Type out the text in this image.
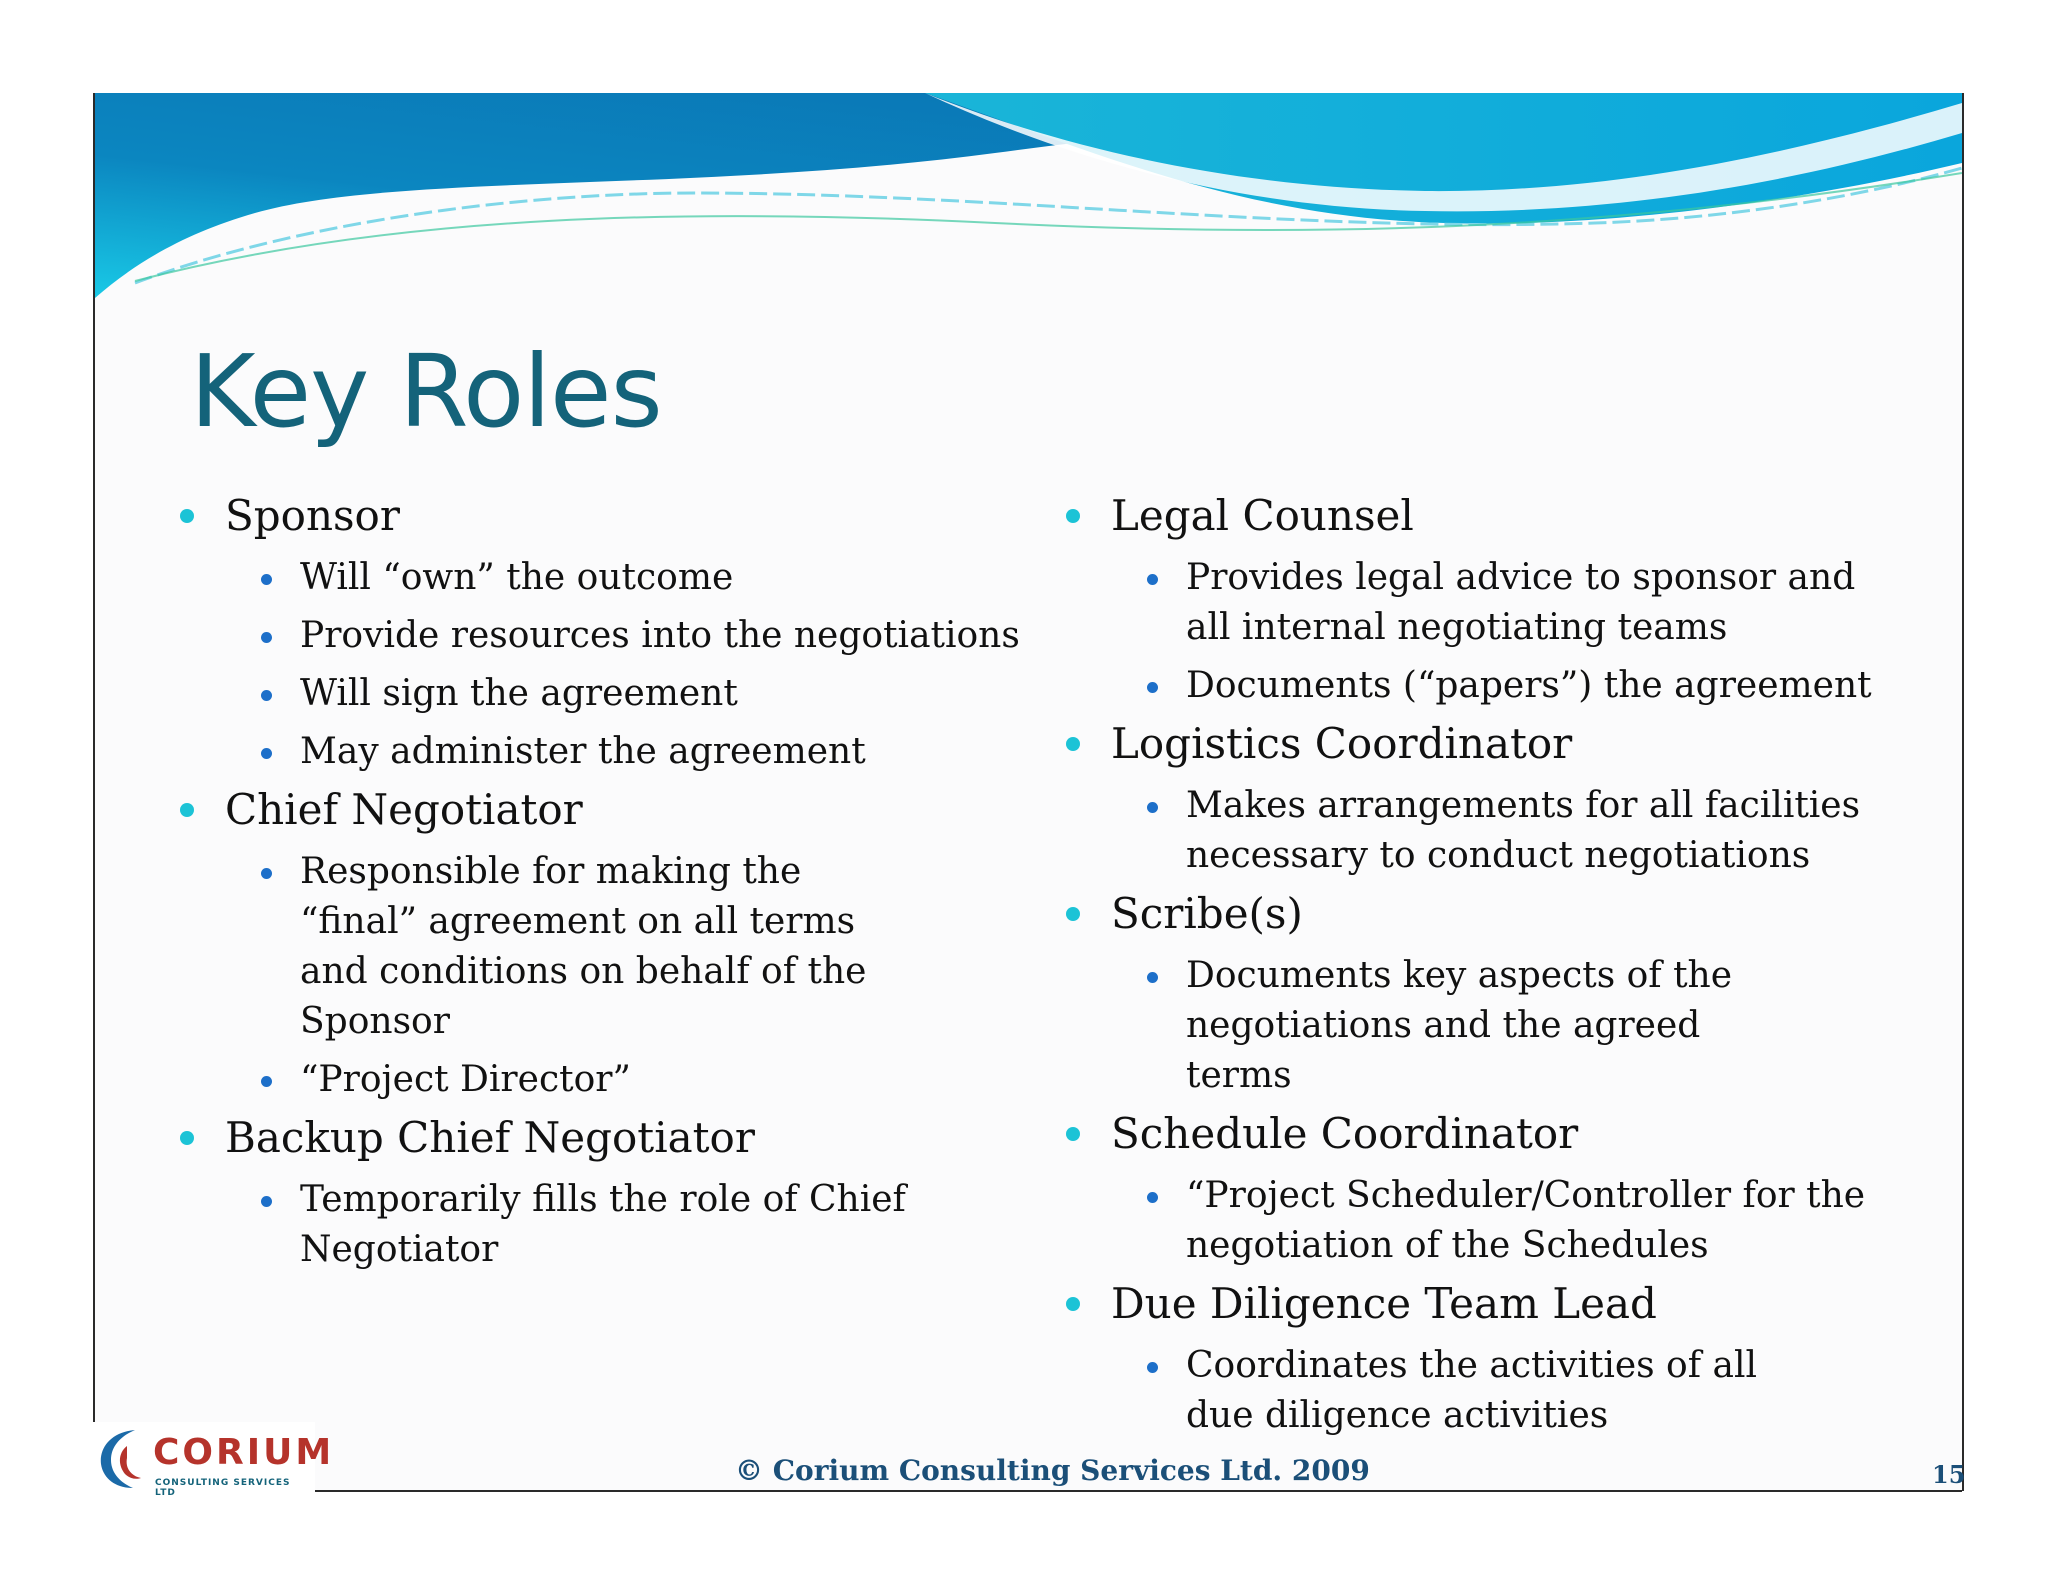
Key Roles
Sponsor
Will “own” the outcome
Provide resources into the negotiations
Will sign the agreement
May administer the agreement
Chief Negotiator
Responsible for making the “final” agreement on all terms and conditions on behalf of the Sponsor
“Project Director”
Backup Chief Negotiator
Temporarily fills the role of Chief Negotiator
Legal Counsel
Provides legal advice to sponsor and all internal negotiating teams
Documents (“papers”) the agreement
Logistics Coordinator
Makes arrangements for all facilities necessary to conduct negotiations
Scribe(s)
Documents key aspects of the negotiations and the agreed terms
Schedule Coordinator
“Project Scheduler/Controller for the negotiation of the Schedules
Due Diligence Team Lead
Coordinates the activities of all due diligence activities
CORIUM
CONSULTING SERVICES LTD
© Corium Consulting Services Ltd. 2009	15
